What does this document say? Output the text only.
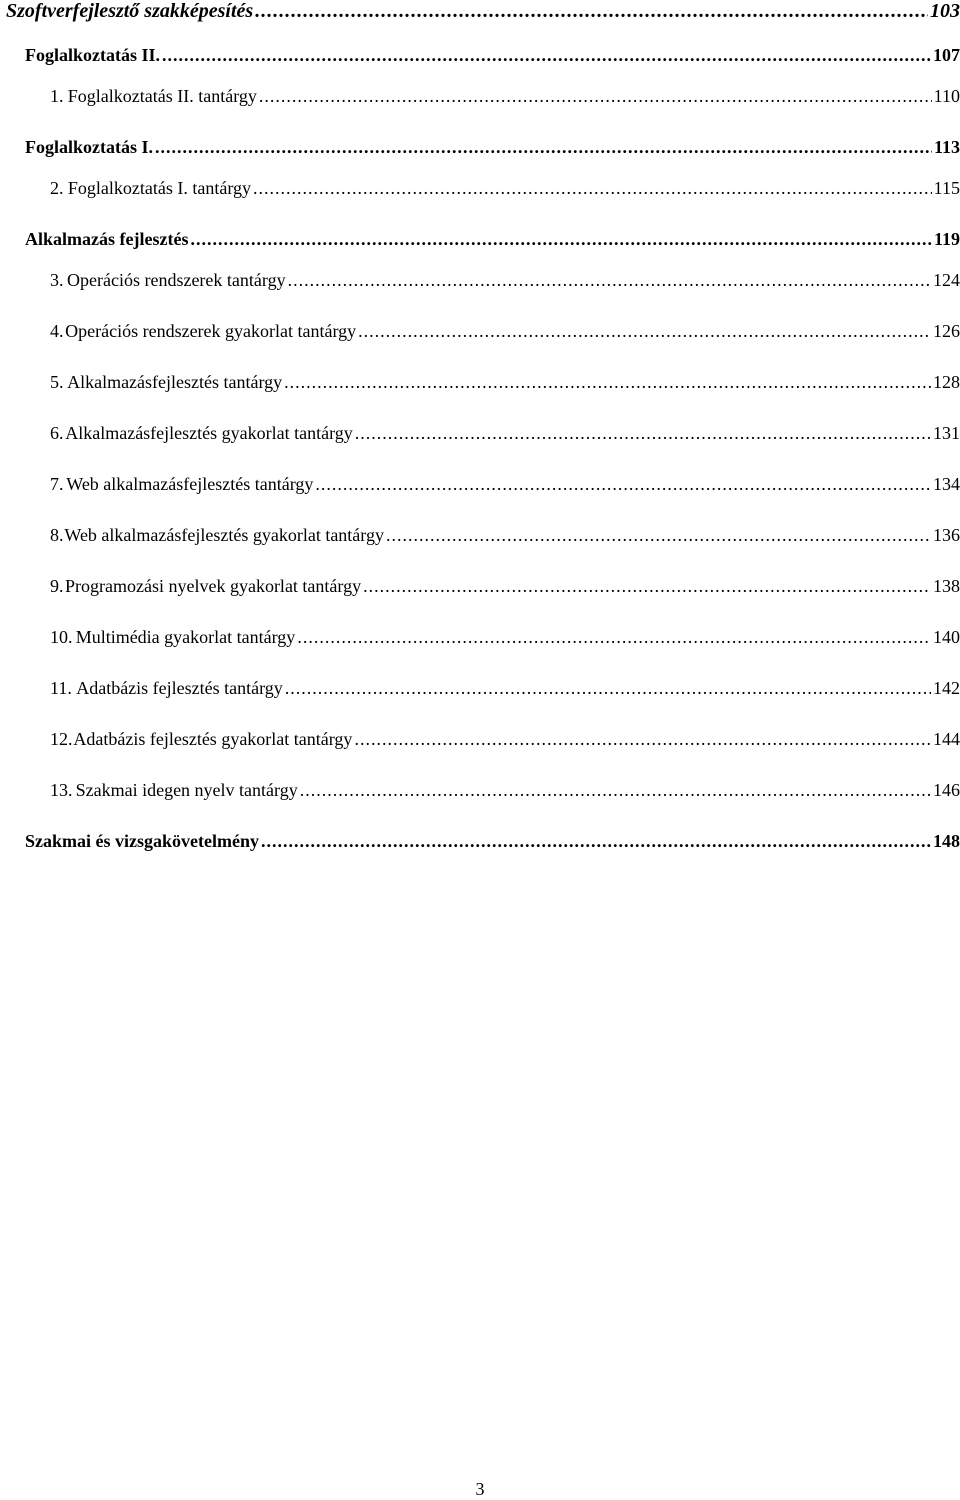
Szoftverfejlesztő szakképesítés .....	103
Foglalkoztatás II. .....	107
1. Foglalkoztatás II. tantárgy .....	110
Foglalkoztatás I. .....	113
2. Foglalkoztatás I. tantárgy .....	115
Alkalmazás fejlesztés .....	119
3. Operációs rendszerek tantárgy .....	124
4. Operációs rendszerek gyakorlat tantárgy .....	126
5. Alkalmazásfejlesztés tantárgy .....	128
6. Alkalmazásfejlesztés gyakorlat tantárgy .....	131
7. Web alkalmazásfejlesztés tantárgy .....	134
8. Web alkalmazásfejlesztés gyakorlat tantárgy .....	136
9. Programozási nyelvek gyakorlat tantárgy .....	138
10. Multimédia gyakorlat tantárgy .....	140
11. Adatbázis fejlesztés tantárgy .....	142
12. Adatbázis fejlesztés gyakorlat tantárgy .....	144
13. Szakmai idegen nyelv tantárgy .....	146
Szakmai és vizsgakövetelmény .....	148
3
